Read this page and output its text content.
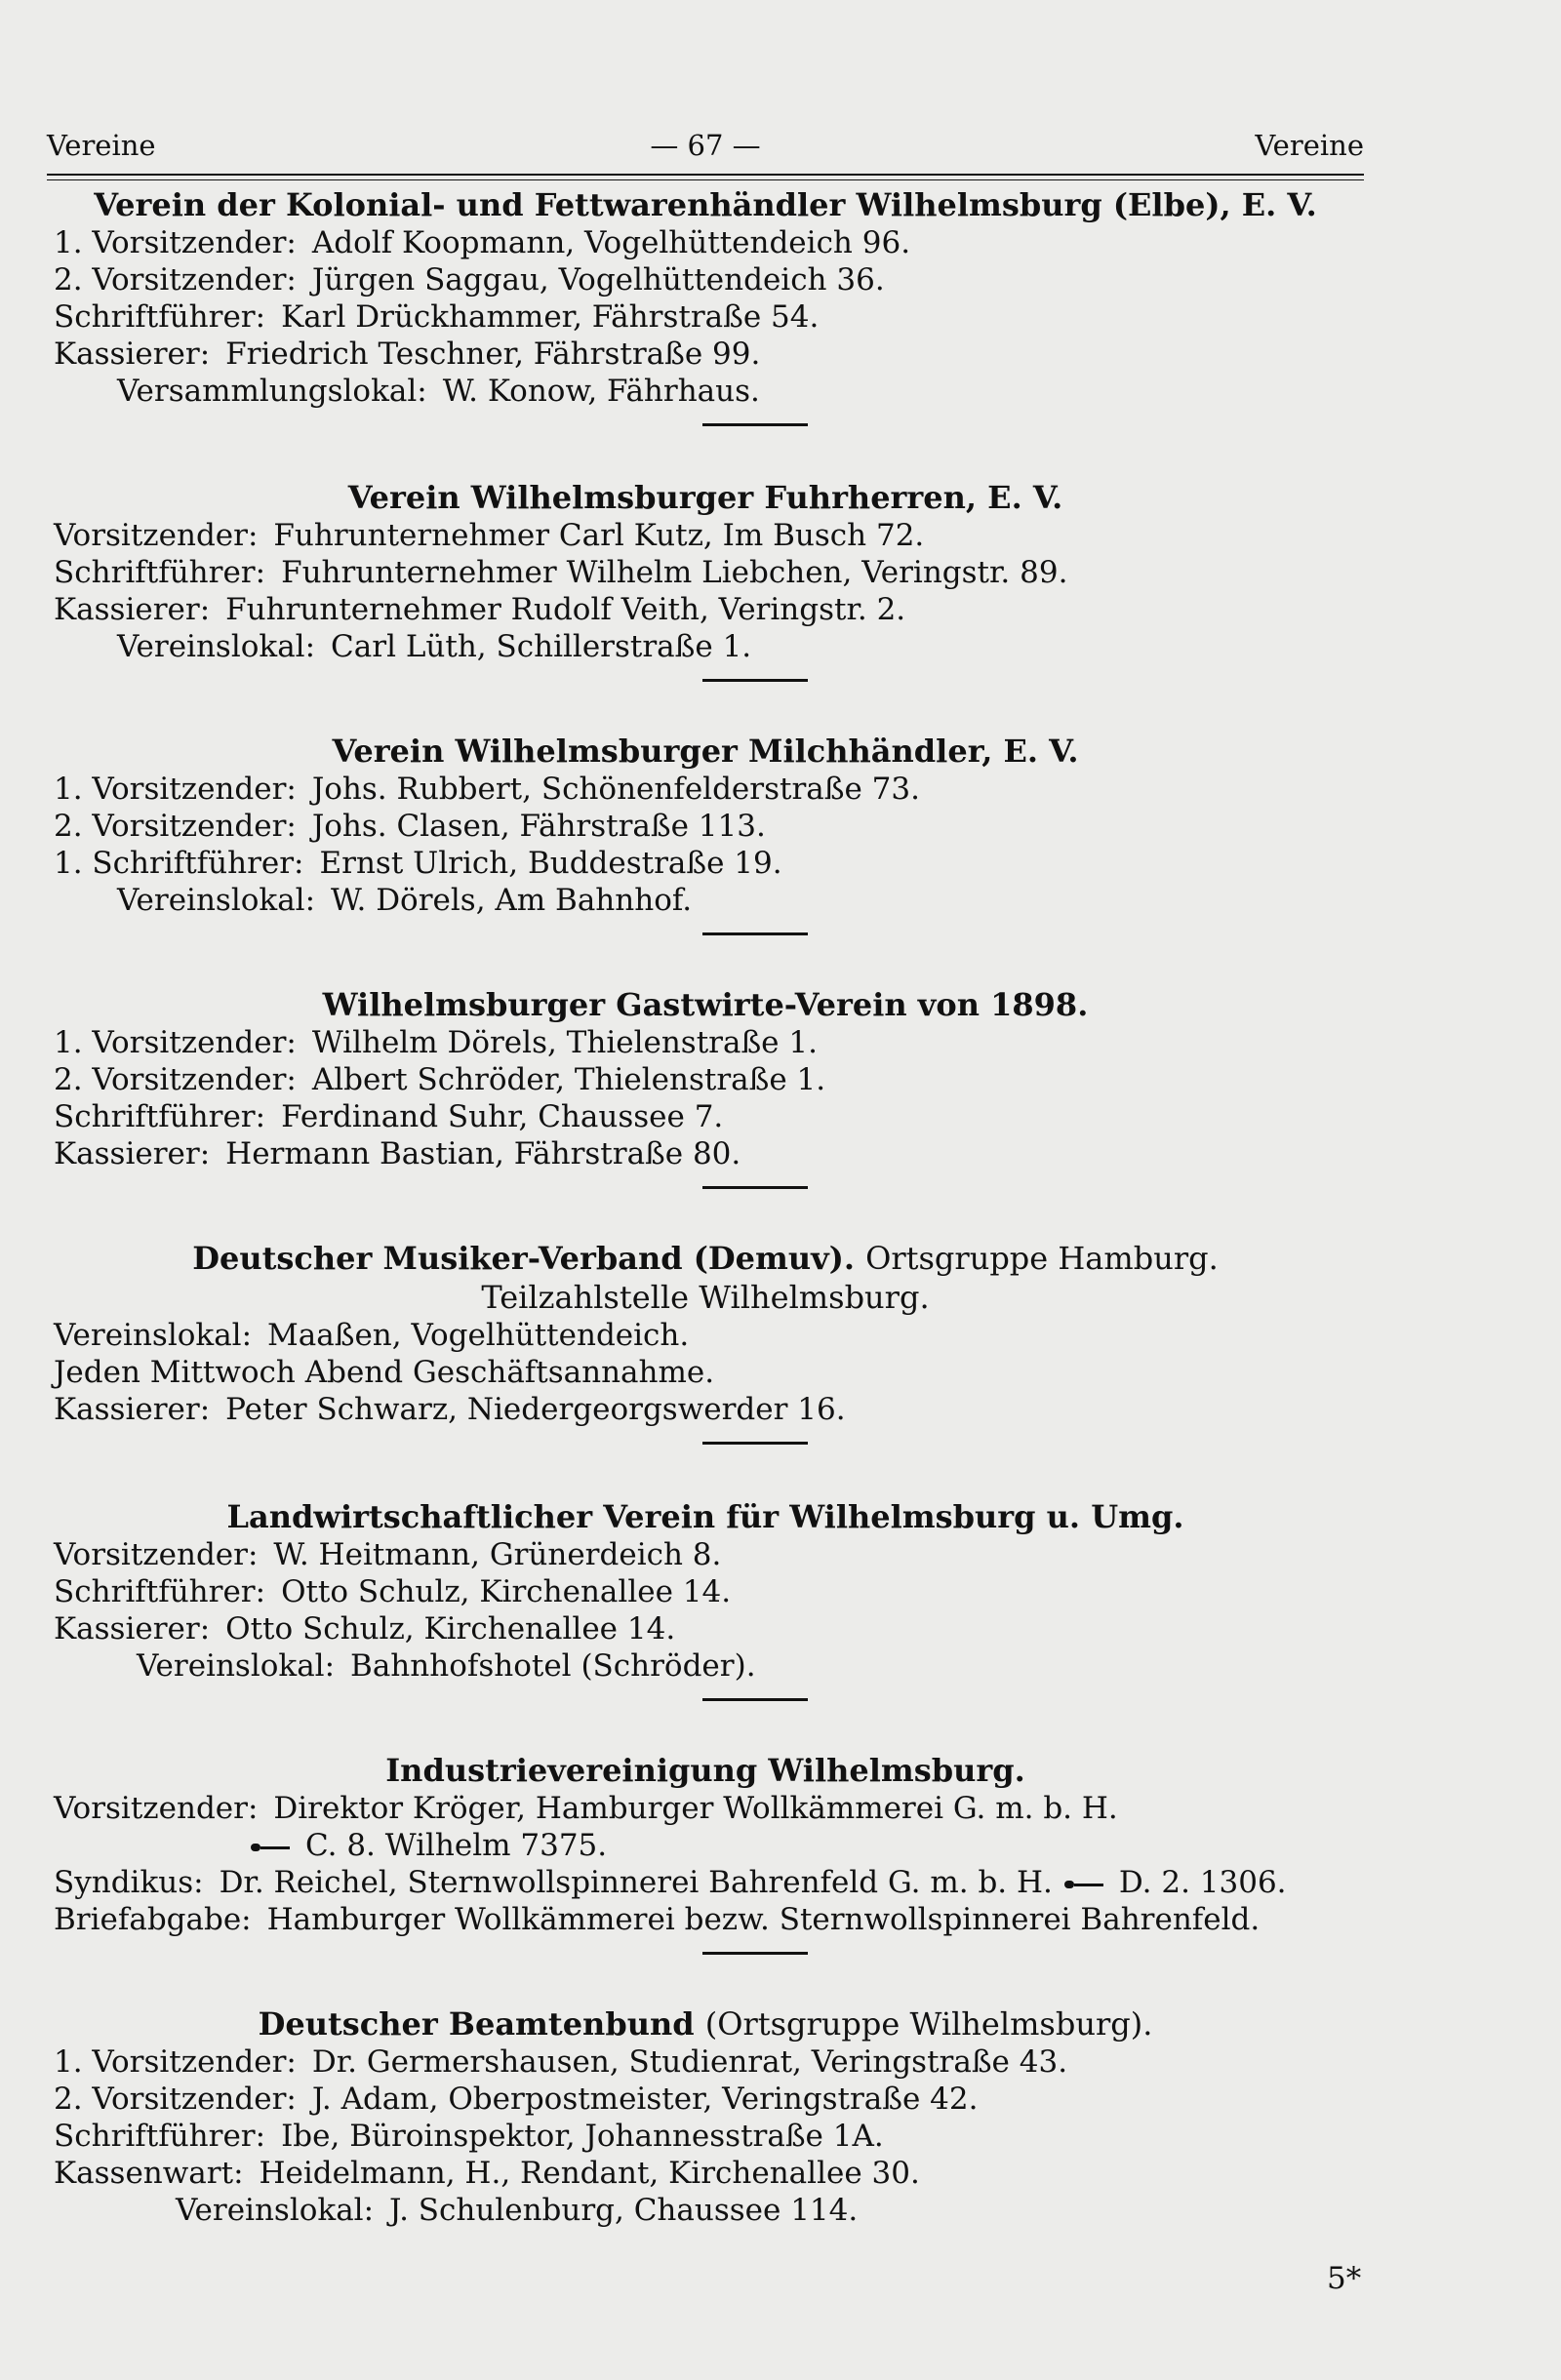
Vereine	— 67 —	Vereine
Verein der Kolonial- und Fettwarenhändler Wilhelmsburg (Elbe), E. V.
1. Vorsitzender: Adolf Koopmann, Vogelhüttendeich 96.
2. Vorsitzender: Jürgen Saggau, Vogelhüttendeich 36.
Schriftführer: Karl Drückhammer, Fährstraße 54.
Kassierer: Friedrich Teschner, Fährstraße 99.
Versammlungslokal: W. Konow, Fährhaus.
Verein Wilhelmsburger Fuhrherren, E. V.
Vorsitzender: Fuhrunternehmer Carl Kutz, Im Busch 72.
Schriftführer: Fuhrunternehmer Wilhelm Liebchen, Veringstr. 89.
Kassierer: Fuhrunternehmer Rudolf Veith, Veringstr. 2.
Vereinslokal: Carl Lüth, Schillerstraße 1.
Verein Wilhelmsburger Milchhändler, E. V.
1. Vorsitzender: Johs. Rubbert, Schönenfelderstraße 73.
2. Vorsitzender: Johs. Clasen, Fährstraße 113.
1. Schriftführer: Ernst Ulrich, Buddestraße 19.
Vereinslokal: W. Dörels, Am Bahnhof.
Wilhelmsburger Gastwirte-Verein von 1898.
1. Vorsitzender: Wilhelm Dörels, Thielenstraße 1.
2. Vorsitzender: Albert Schröder, Thielenstraße 1.
Schriftführer: Ferdinand Suhr, Chaussee 7.
Kassierer: Hermann Bastian, Fährstraße 80.
Deutscher Musiker-Verband (Demuv). Ortsgruppe Hamburg.
Teilzahlstelle Wilhelmsburg.
Vereinslokal: Maaßen, Vogelhüttendeich.
Jeden Mittwoch Abend Geschäftsannahme.
Kassierer: Peter Schwarz, Niedergeorgswerder 16.
Landwirtschaftlicher Verein für Wilhelmsburg u. Umg.
Vorsitzender: W. Heitmann, Grünerdeich 8.
Schriftführer: Otto Schulz, Kirchenallee 14.
Kassierer: Otto Schulz, Kirchenallee 14.
Vereinslokal: Bahnhofshotel (Schröder).
Industrievereinigung Wilhelmsburg.
Vorsitzender: Direktor Kröger, Hamburger Wollkämmerei G. m. b. H.
C. 8. Wilhelm 7375.
Syndikus: Dr. Reichel, Sternwollspinnerei Bahrenfeld G. m. b. H. D. 2. 1306.
Briefabgabe: Hamburger Wollkämmerei bezw. Sternwollspinnerei Bahrenfeld.
Deutscher Beamtenbund (Ortsgruppe Wilhelmsburg).
1. Vorsitzender: Dr. Germershausen, Studienrat, Veringstraße 43.
2. Vorsitzender: J. Adam, Oberpostmeister, Veringstraße 42.
Schriftführer: Ibe, Büroinspektor, Johannesstraße 1A.
Kassenwart: Heidelmann, H., Rendant, Kirchenallee 30.
Vereinslokal: J. Schulenburg, Chaussee 114.
5*
